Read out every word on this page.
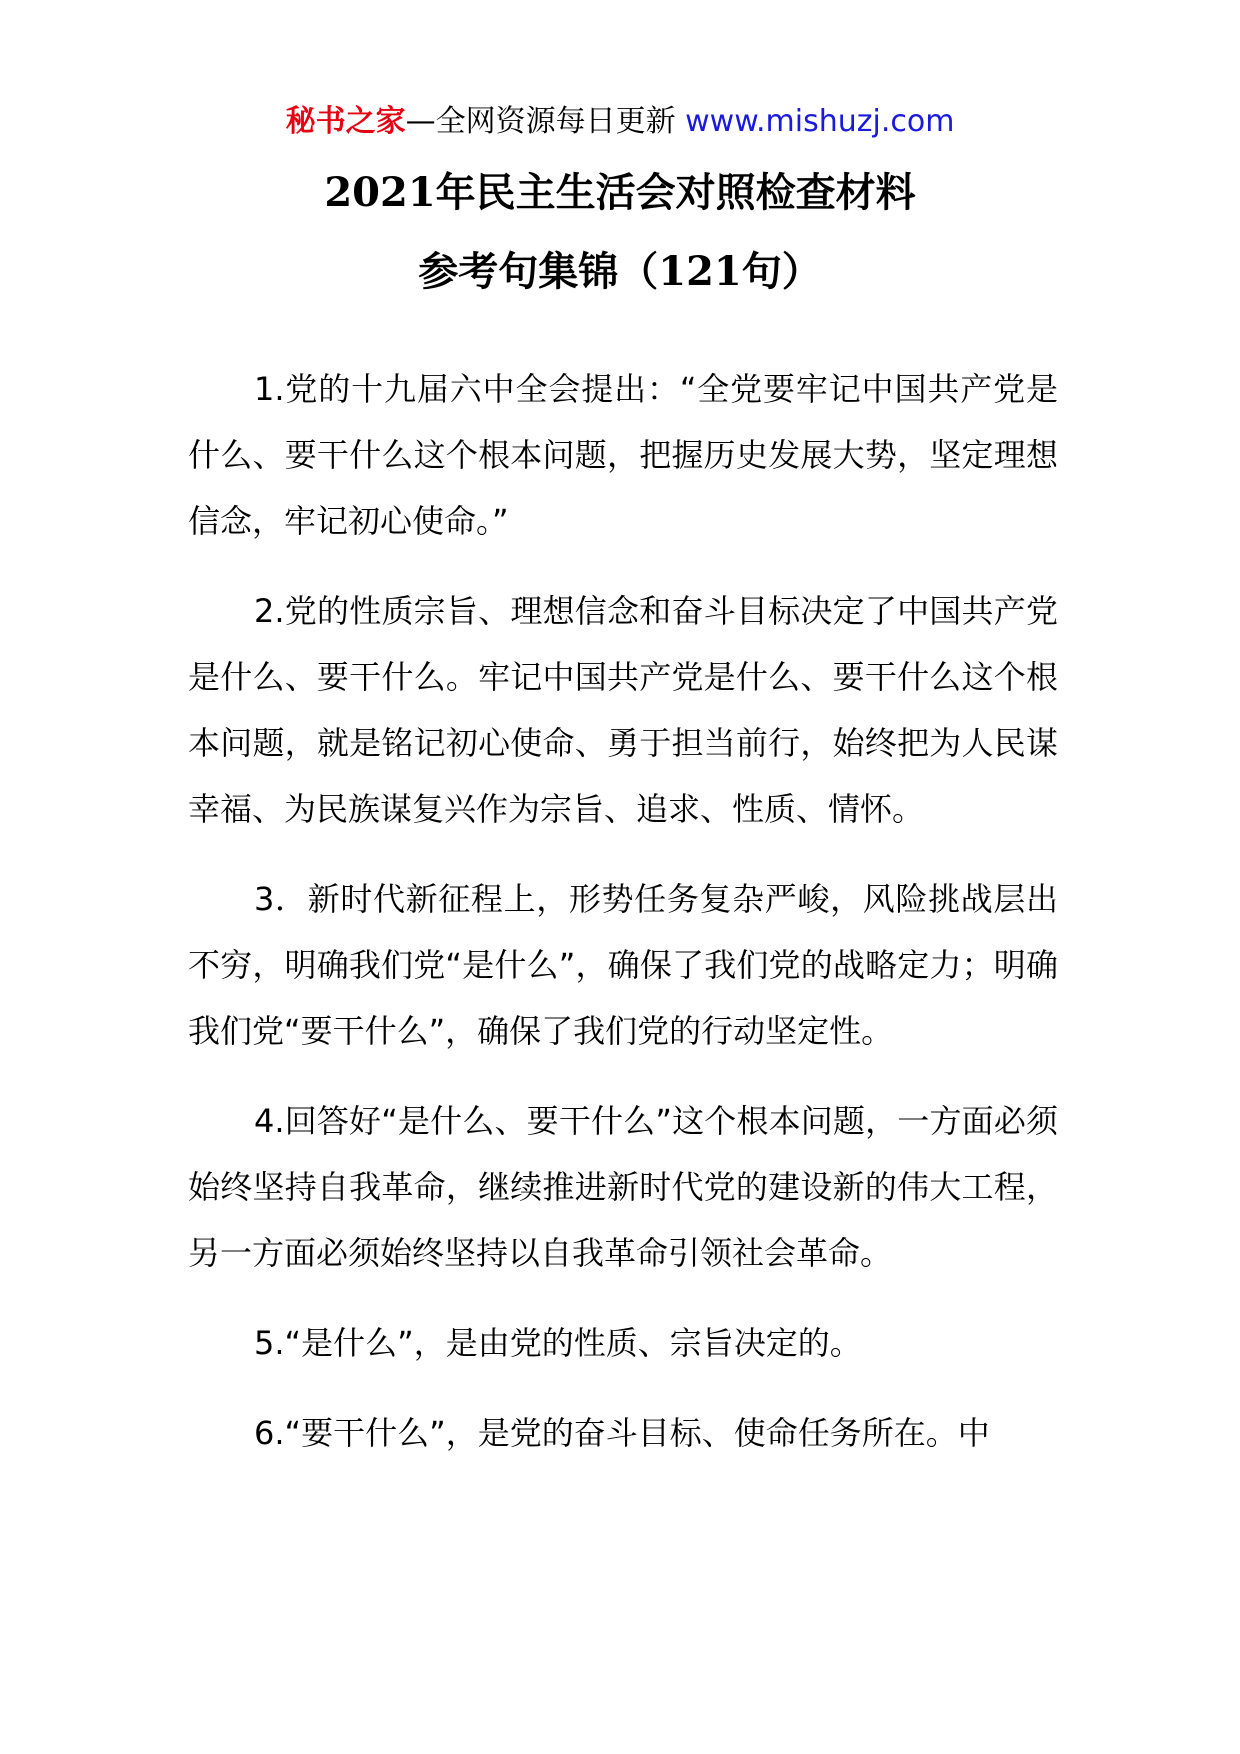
秘书之家—全网资源每日更新 www.mishuzj.com
2021年民主生活会对照检查材料
参考句集锦（121句）

1.党的十九届六中全会提出：“全党要牢记中国共产党是什么、要干什么这个根本问题，把握历史发展大势，坚定理想信念，牢记初心使命。”

2.党的性质宗旨、理想信念和奋斗目标决定了中国共产党是什么、要干什么。牢记中国共产党是什么、要干什么这个根本问题，就是铭记初心使命、勇于担当前行，始终把为人民谋幸福、为民族谋复兴作为宗旨、追求、性质、情怀。

3．新时代新征程上，形势任务复杂严峻，风险挑战层出不穷，明确我们党“是什么”，确保了我们党的战略定力；明确我们党“要干什么”，确保了我们党的行动坚定性。

4.回答好“是什么、要干什么”这个根本问题，一方面必须始终坚持自我革命，继续推进新时代党的建设新的伟大工程，另一方面必须始终坚持以自我革命引领社会革命。

5.“是什么”，是由党的性质、宗旨决定的。

6.“要干什么”，是党的奋斗目标、使命任务所在。中
